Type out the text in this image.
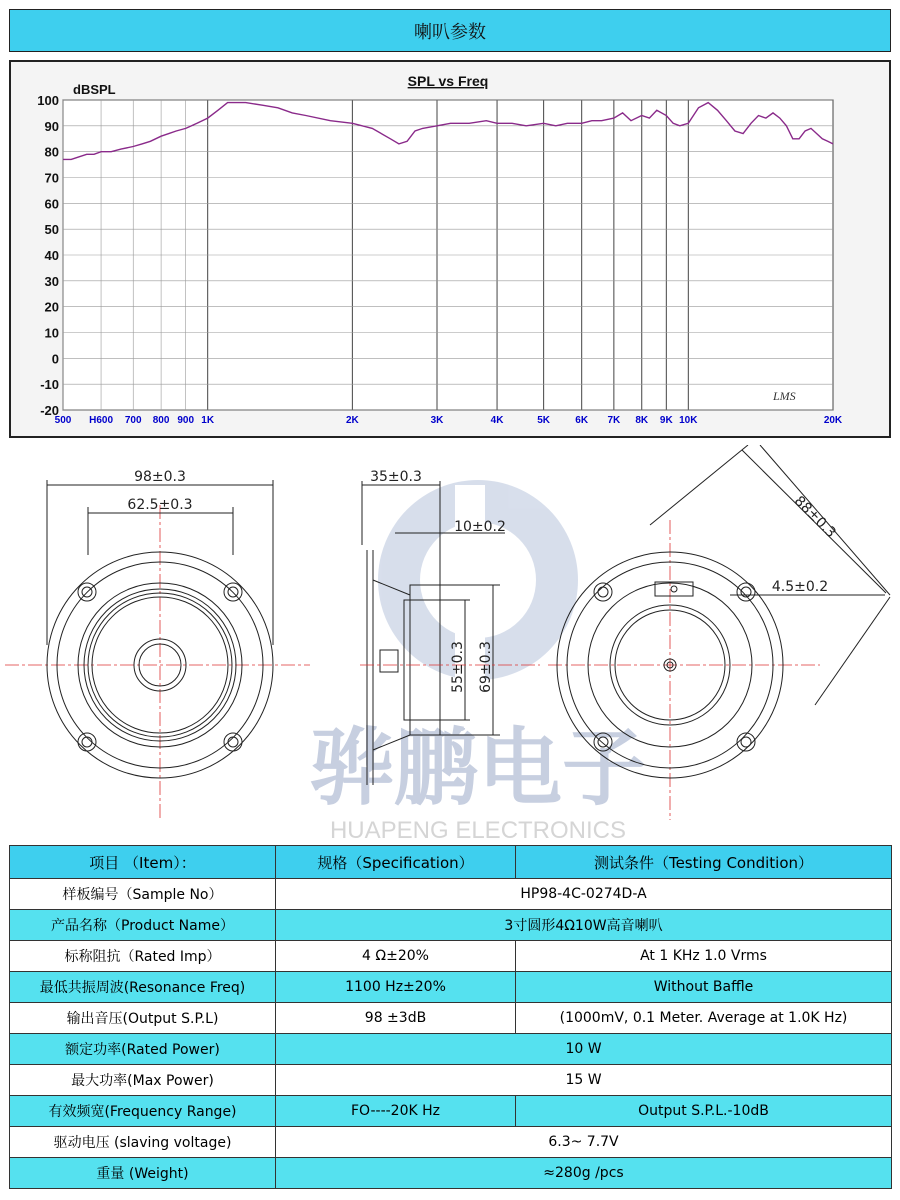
喇叭参数
100
90
80
70
60
50
40
30
20
10
0
-10
-20
500 H600 700 800 900 1K	2K	3K	4K	5K	6K 7K 8K 9K 10K	20K
SPL vs Freq
dBSPL
LMS
骅鹏电子
HUAPENG ELECTRONICS
98±0.3
62.5±0.3
35±0.3
10±0.2
55±0.3 69±0.3
88±0.3
4.5±0.2
项目 （Item）：	规格（Specification）	测试条件（Testing Condition）
样板编号（Sample No）	HP98-4C-0274D-A	
产品名称（Product Name）	3寸圆形4Ω10W高音喇叭	
标称阻抗（Rated Imp）	4 Ω±20%	At 1 KHz 1.0 Vrms
最低共振周波(Resonance Freq)	1100 Hz±20%	Without Baffle
输出音压(Output S.P.L)	98 ±3dB	(1000mV, 0.1 Meter. Average at 1.0K Hz)
额定功率(Rated Power)	10 W	
最大功率(Max Power)	15 W	
有效频宽(Frequency Range)	FO----20K Hz	Output S.P.L.-10dB
驱动电压 (slaving voltage)	6.3~ 7.7V	
重量 (Weight)	≈280g /pcs	
